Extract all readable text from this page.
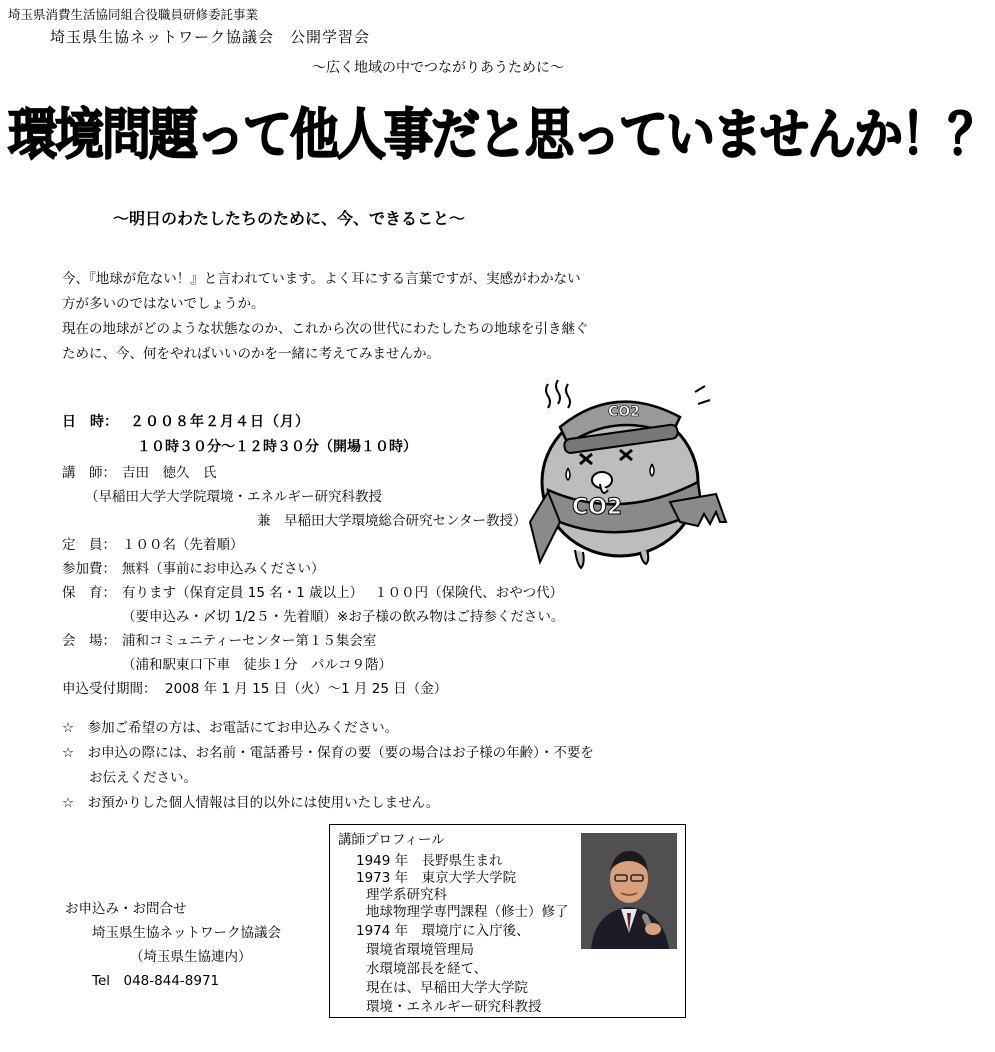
埼玉県消費生活協同組合役職員研修委託事業
埼玉県生協ネットワーク協議会　公開学習会
～広く地域の中でつながりあうために～
環境問題って他人事だと思っていませんか！？
～明日のわたしたちのために、今、できること～
今、『地球が危ない！』と言われています。よく耳にする言葉ですが、実感がわかない
方が多いのではないでしょうか。
現在の地球がどのような状態なのか、これから次の世代にわたしたちの地球を引き継ぐ
ために、今、何をやればいいのかを一緒に考えてみませんか。
日　時： ２００８年２月４日（月）
１０時３０分～１２時３０分（開場１０時）
講　師： 吉田　徳久　氏
（早稲田大学大学院環境・エネルギー研究科教授
兼　早稲田大学環境総合研究センター教授）
定　員： １００名（先着順）
参加費： 無料（事前にお申込みください）
保　育： 有ります（保育定員 15 名・1 歳以上）　 １００円（保険代、おやつ代）
（要申込み・〆切 1/2５・先着順）※お子様の飲み物はご持参ください。
会　場： 浦和コミュニティーセンター第１５集会室
（浦和駅東口下車　徒歩１分　パルコ９階）
申込受付期間： 2008 年 1 月 15 日（火）～1 月 25 日（金）
☆　参加ご希望の方は、お電話にてお申込みください。
☆　お申込の際には、お名前・電話番号・保育の要（要の場合はお子様の年齢）・不要を
　　お伝えください。
☆　お預かりした個人情報は目的以外には使用いたしません。
CO2
CO2
お申込み・お問合せ
埼玉県生協ネットワーク協議会
（埼玉県生協連内）
Tel　048-844-8971
講師プロフィール
1949 年　長野県生まれ
1973 年　東京大学大学院
理学系研究科
地球物理学専門課程（修士）修了
1974 年　環境庁に入庁後、
環境省環境管理局
水環境部長を経て、
現在は、早稲田大学大学院
環境・エネルギー研究科教授
